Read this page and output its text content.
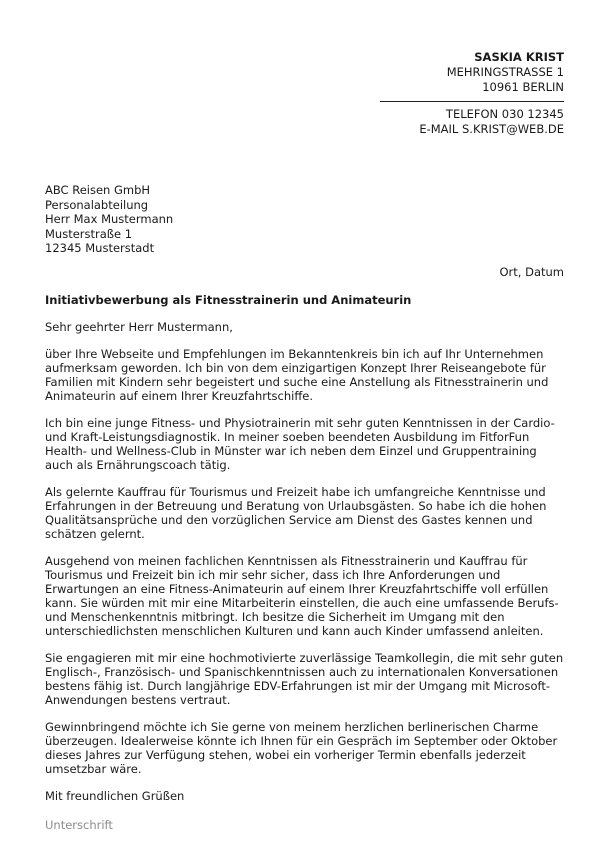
SASKIA KRIST
MEHRINGSTRASSE 1
10961 BERLIN
TELEFON 030 12345
E-MAIL S.KRIST@WEB.DE
ABC Reisen GmbH
Personalabteilung
Herr Max Mustermann
Musterstraße 1
12345 Musterstadt
Ort, Datum
Initiativbewerbung als Fitnesstrainerin und Animateurin

Sehr geehrter Herr Mustermann,

über Ihre Webseite und Empfehlungen im Bekanntenkreis bin ich auf Ihr Unternehmen aufmerksam geworden. Ich bin von dem einzigartigen Konzept Ihrer Reiseangebote für Familien mit Kindern sehr begeistert und suche eine Anstellung als Fitnesstrainerin und Animateurin auf einem Ihrer Kreuzfahrtschiffe.

Ich bin eine junge Fitness- und Physiotrainerin mit sehr guten Kenntnissen in der Cardio- und Kraft-Leistungsdiagnostik. In meiner soeben beendeten Ausbildung im FitforFun Health- und Wellness-Club in Münster war ich neben dem Einzel und Gruppentraining auch als Ernährungscoach tätig.

Als gelernte Kauffrau für Tourismus und Freizeit habe ich umfangreiche Kenntnisse und Erfahrungen in der Betreuung und Beratung von Urlaubsgästen. So habe ich die hohen Qualitätsansprüche und den vorzüglichen Service am Dienst des Gastes kennen und schätzen gelernt.

Ausgehend von meinen fachlichen Kenntnissen als Fitnesstrainerin und Kauffrau für Tourismus und Freizeit bin ich mir sehr sicher, dass ich Ihre Anforderungen und Erwartungen an eine Fitness-Animateurin auf einem Ihrer Kreuzfahrtschiffe voll erfüllen kann. Sie würden mit mir eine Mitarbeiterin einstellen, die auch eine umfassende Berufs- und Menschenkenntnis mitbringt. Ich besitze die Sicherheit im Umgang mit den unterschiedlichsten menschlichen Kulturen und kann auch Kinder umfassend anleiten.

Sie engagieren mit mir eine hochmotivierte zuverlässige Teamkollegin, die mit sehr guten Englisch-, Französisch- und Spanischkenntnissen auch zu internationalen Konversationen bestens fähig ist. Durch langjährige EDV-Erfahrungen ist mir der Umgang mit Microsoft-Anwendungen bestens vertraut.

Gewinnbringend möchte ich Sie gerne von meinem herzlichen berlinerischen Charme überzeugen. Idealerweise könnte ich Ihnen für ein Gespräch im September oder Oktober dieses Jahres zur Verfügung stehen, wobei ein vorheriger Termin ebenfalls jederzeit umsetzbar wäre.

Mit freundlichen Grüßen
Unterschrift
